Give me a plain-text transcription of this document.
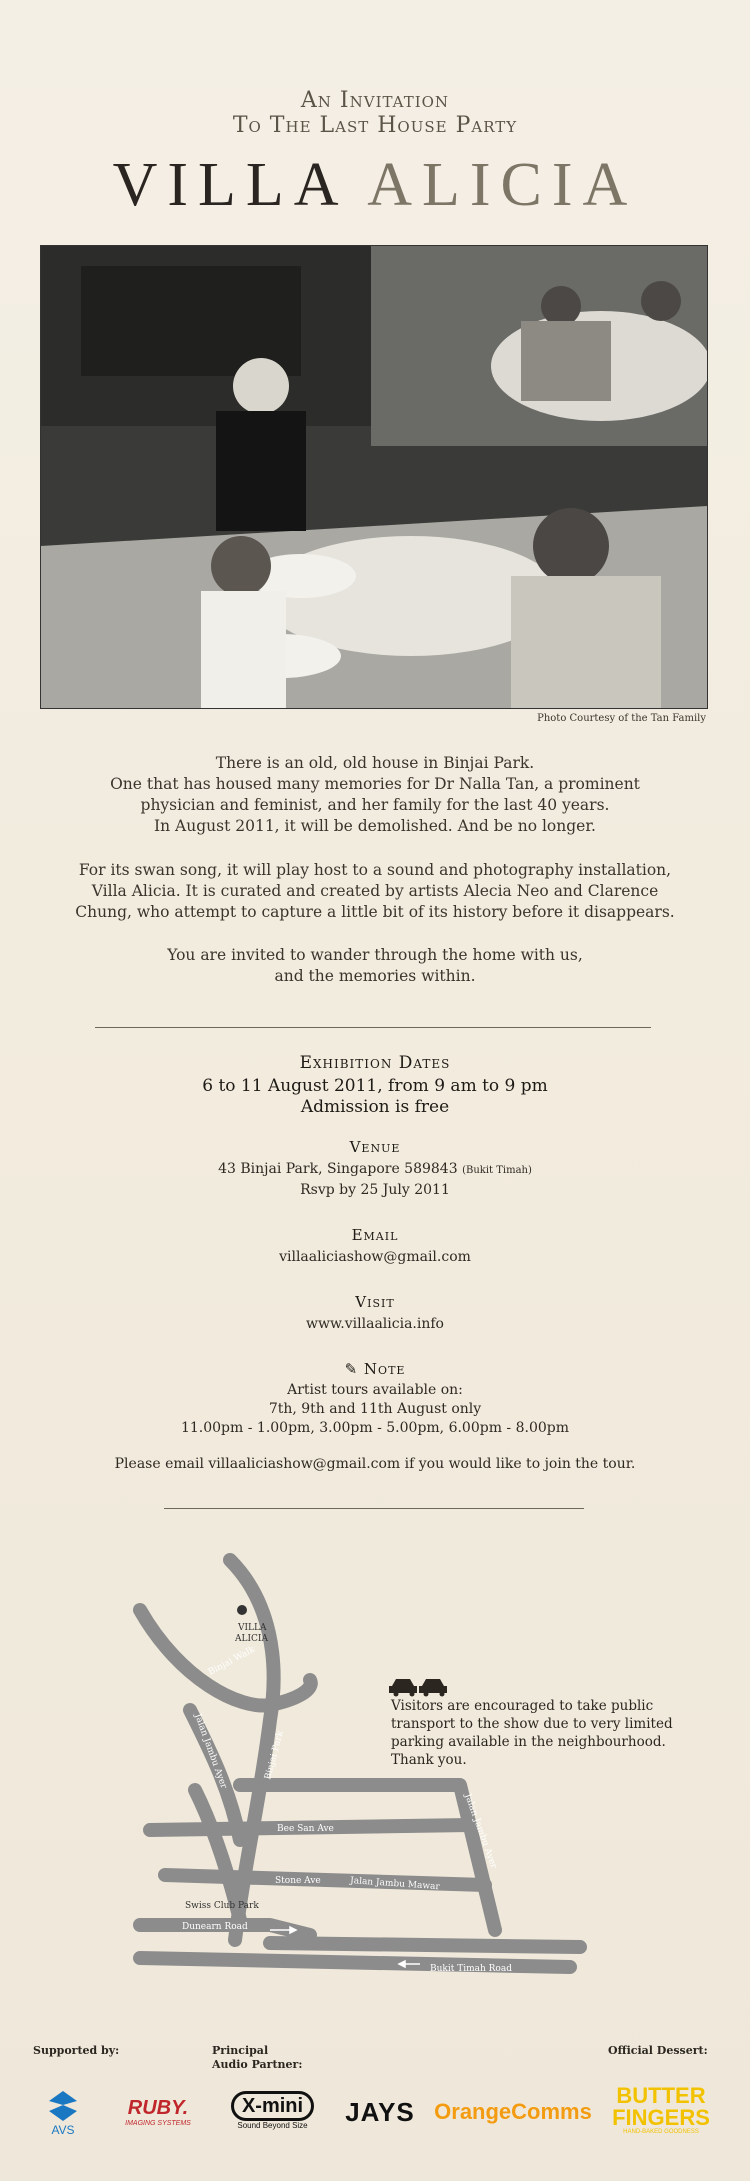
An Invitation
To The Last House Party
VILLA ALICIA
Photo Courtesy of the Tan Family
There is an old, old house in Binjai Park.
One that has housed many memories for Dr Nalla Tan, a prominent
physician and feminist, and her family for the last 40 years.
In August 2011, it will be demolished. And be no longer.
For its swan song, it will play host to a sound and photography installation,
Villa Alicia. It is curated and created by artists Alecia Neo and Clarence
Chung, who attempt to capture a little bit of its history before it disappears.
You are invited to wander through the home with us,
and the memories within.
Exhibition Dates
6 to 11 August 2011, from 9 am to 9 pm
Admission is free
Venue
43 Binjai Park, Singapore 589843 (Bukit Timah)
Rsvp by 25 July 2011
Email
villaaliciashow@gmail.com
Visit
www.villaalicia.info
✎ Note
Artist tours available on:
7th, 9th and 11th August only
11.00pm - 1.00pm, 3.00pm - 5.00pm, 6.00pm - 8.00pm
Please email villaaliciashow@gmail.com if you would like to join the tour.
VILLA
ALICIA
Binjai Walk
Binjai Park
Jalan Jambu Ayer
Jalan Jambu Ayer
Bee San Ave
Stone Ave	Jalan Jambu Mawar
Dunearn Road
Bukit Timah Road
Swiss Club Park
Visitors are encouraged to take public transport to the show due to very limited parking available in the neighbourhood. Thank you.
Supported by:	Principal
Audio Partner:
Official Dessert:
AVS
RUBY.
IMAGING SYSTEMS
X-mini
Sound Beyond Size JAYS OrangeComms
BUTTER
FINGERS
HAND-BAKED GOODNESS
